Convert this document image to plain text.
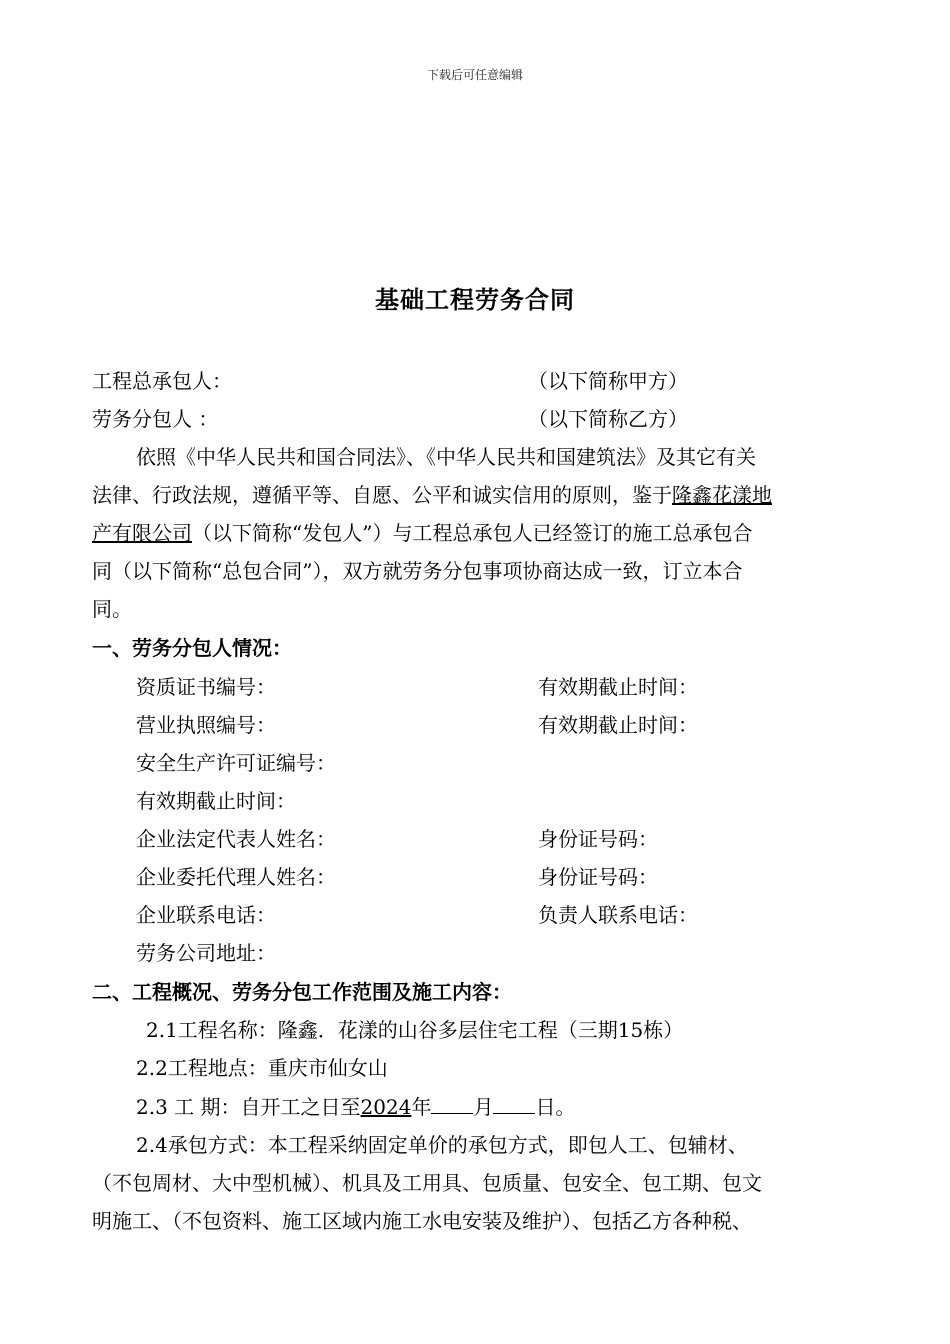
下载后可任意编辑
基础工程劳务合同
工程总承包人：	（以下简称甲方）
劳务分包人 ：	（以下简称乙方）
依照《中华人民共和国合同法》、《中华人民共和国建筑法》及其它有关
法律、行政法规，遵循平等、自愿、公平和诚实信用的原则，鉴于隆鑫花漾地
产有限公司（以下简称“发包人”）与工程总承包人已经签订的施工总承包合
同（以下简称“总包合同”），双方就劳务分包事项协商达成一致，订立本合
同。
一、劳务分包人情况：
资质证书编号：	有效期截止时间：
营业执照编号：	有效期截止时间：
安全生产许可证编号：
有效期截止时间：
企业法定代表人姓名：	身份证号码：
企业委托代理人姓名：	身份证号码：
企业联系电话：	负责人联系电话：
劳务公司地址：
二、工程概况、劳务分包工作范围及施工内容：
2.1工程名称：隆鑫．花漾的山谷多层住宅工程（三期15栋）
2.2工程地点：重庆市仙女山
2.3 工 期：自开工之日至2024年 月 日。
2.4承包方式：本工程采纳固定单价的承包方式，即包人工、包辅材、
（不包周材、大中型机械）、机具及工用具、包质量、包安全、包工期、包文
明施工、（不包资料、施工区域内施工水电安装及维护）、包括乙方各种税、
